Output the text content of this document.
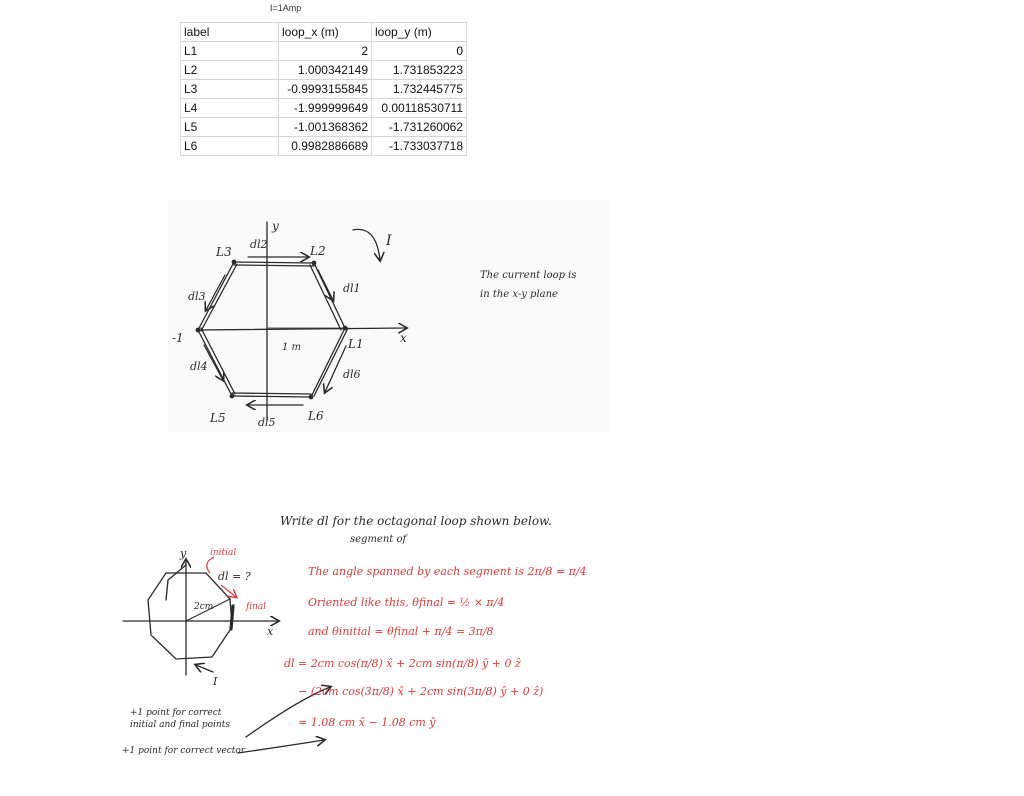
I=1Amp
label	loop_x (m)	loop_y (m)
L1	2	0
L2	1.000342149	1.731853223
L3	-0.9993155845	1.732445775
L4	-1.999999649	0.00118530711
L5	-1.001368362	-1.731260062
L6	0.9982886689	-1.733037718
I
L1
L2
L3
L5	L6
dl1
dl2
dl3
dl4
dl5
dl6
x
y
-1
1 m
The current loop is
in the x-y plane
Write dl for the octagonal loop shown below.
segment of
initial
dl = ?
final
2cm
x
y
I
The angle spanned by each segment is 2π/8 = π/4
Oriented like this, θfinal = ½ × π/4
and θinitial = θfinal + π/4 = 3π/8
dl = 2cm cos(π/8) x̂ + 2cm sin(π/8) ŷ + 0 ẑ
− (2cm cos(3π/8) x̂ + 2cm sin(3π/8) ŷ + 0 ẑ)
= 1.08 cm x̂ − 1.08 cm ŷ
+1 point for correct
initial and final points
+1 point for correct vector
